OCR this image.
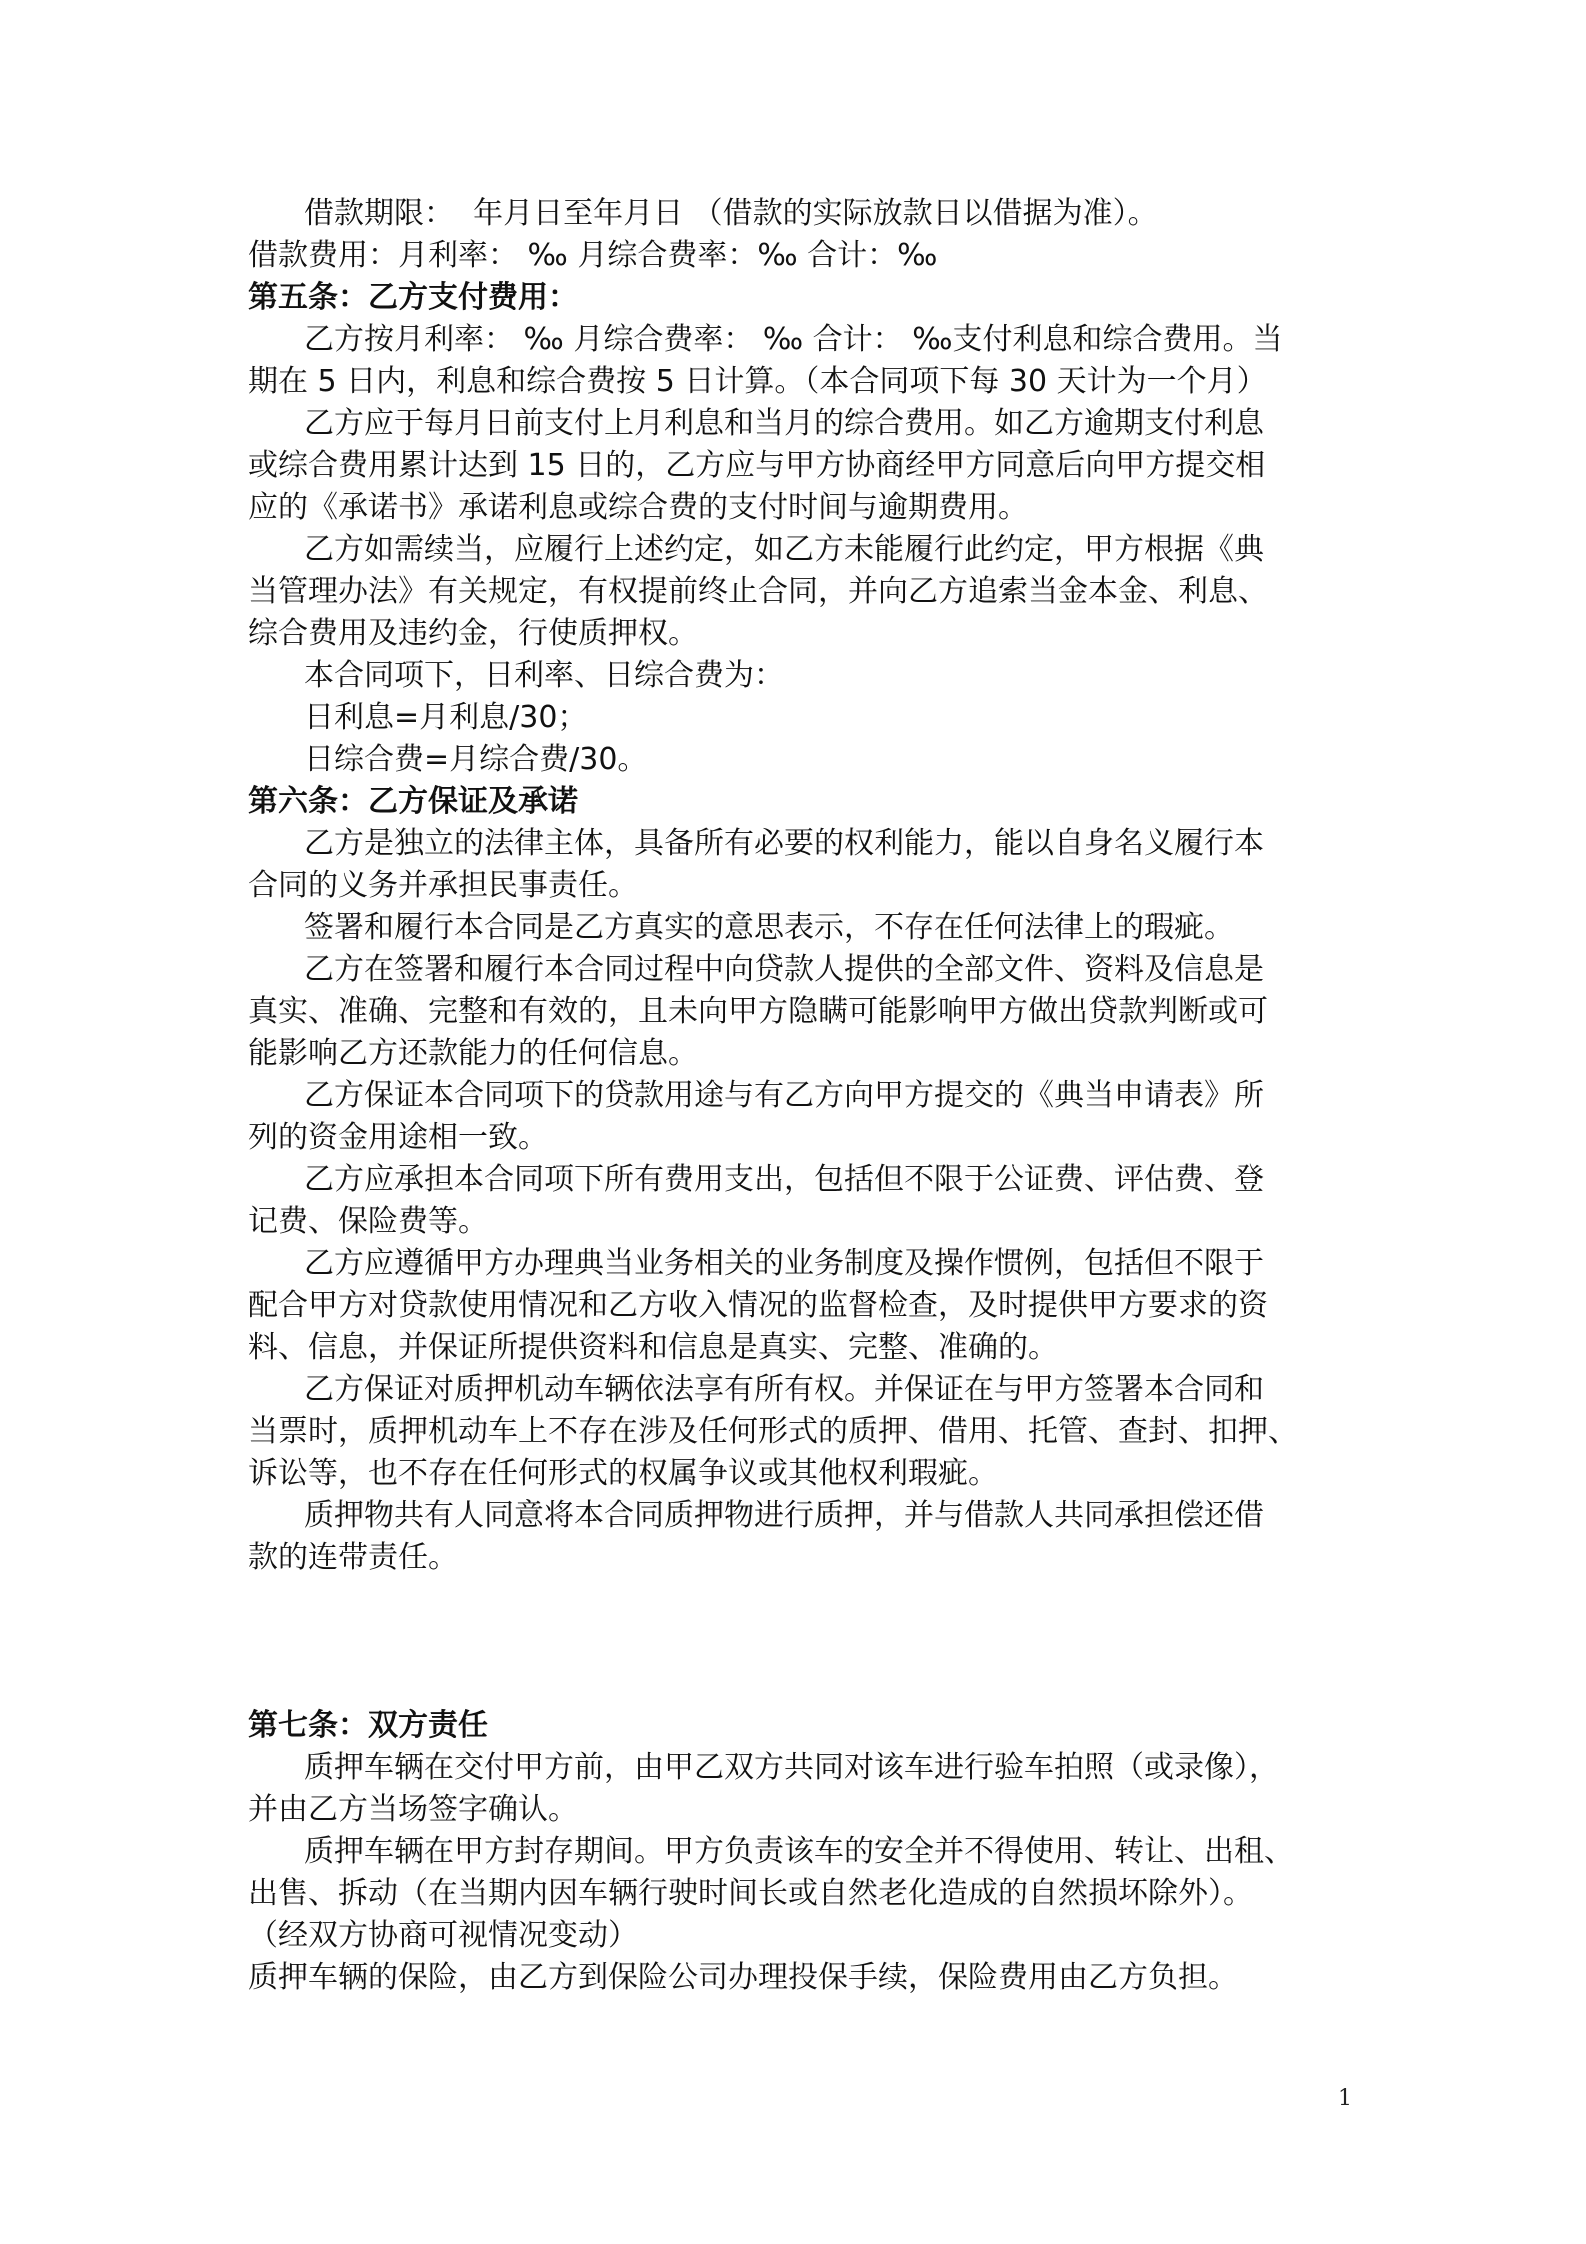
借款期限：  年月日至年月日 （借款的实际放款日以借据为准）。
借款费用：月利率： ‰ 月综合费率：‰ 合计：‰
第五条：乙方支付费用：
乙方按月利率： ‰ 月综合费率： ‰ 合计： ‰支付利息和综合费用。当
期在 5 日内，利息和综合费按 5 日计算。（本合同项下每 30 天计为一个月）
乙方应于每月日前支付上月利息和当月的综合费用。如乙方逾期支付利息
或综合费用累计达到 15 日的，乙方应与甲方协商经甲方同意后向甲方提交相
应的《承诺书》承诺利息或综合费的支付时间与逾期费用。
乙方如需续当，应履行上述约定，如乙方未能履行此约定，甲方根据《典
当管理办法》有关规定，有权提前终止合同，并向乙方追索当金本金、利息、
综合费用及违约金，行使质押权。
本合同项下，日利率、日综合费为：
日利息=月利息/30；
日综合费=月综合费/30。
第六条：乙方保证及承诺
乙方是独立的法律主体，具备所有必要的权利能力，能以自身名义履行本
合同的义务并承担民事责任。
签署和履行本合同是乙方真实的意思表示，不存在任何法律上的瑕疵。
乙方在签署和履行本合同过程中向贷款人提供的全部文件、资料及信息是
真实、准确、完整和有效的，且未向甲方隐瞒可能影响甲方做出贷款判断或可
能影响乙方还款能力的任何信息。
乙方保证本合同项下的贷款用途与有乙方向甲方提交的《典当申请表》所
列的资金用途相一致。
乙方应承担本合同项下所有费用支出，包括但不限于公证费、评估费、登
记费、保险费等。
乙方应遵循甲方办理典当业务相关的业务制度及操作惯例，包括但不限于
配合甲方对贷款使用情况和乙方收入情况的监督检查，及时提供甲方要求的资
料、信息，并保证所提供资料和信息是真实、完整、准确的。
乙方保证对质押机动车辆依法享有所有权。并保证在与甲方签署本合同和
当票时，质押机动车上不存在涉及任何形式的质押、借用、托管、查封、扣押、
诉讼等，也不存在任何形式的权属争议或其他权利瑕疵。
质押物共有人同意将本合同质押物进行质押，并与借款人共同承担偿还借
款的连带责任。
第七条：双方责任
质押车辆在交付甲方前，由甲乙双方共同对该车进行验车拍照（或录像），
并由乙方当场签字确认。
质押车辆在甲方封存期间。甲方负责该车的安全并不得使用、转让、出租、
出售、拆动（在当期内因车辆行驶时间长或自然老化造成的自然损坏除外）。
（经双方协商可视情况变动）
质押车辆的保险，由乙方到保险公司办理投保手续，保险费用由乙方负担。
1
